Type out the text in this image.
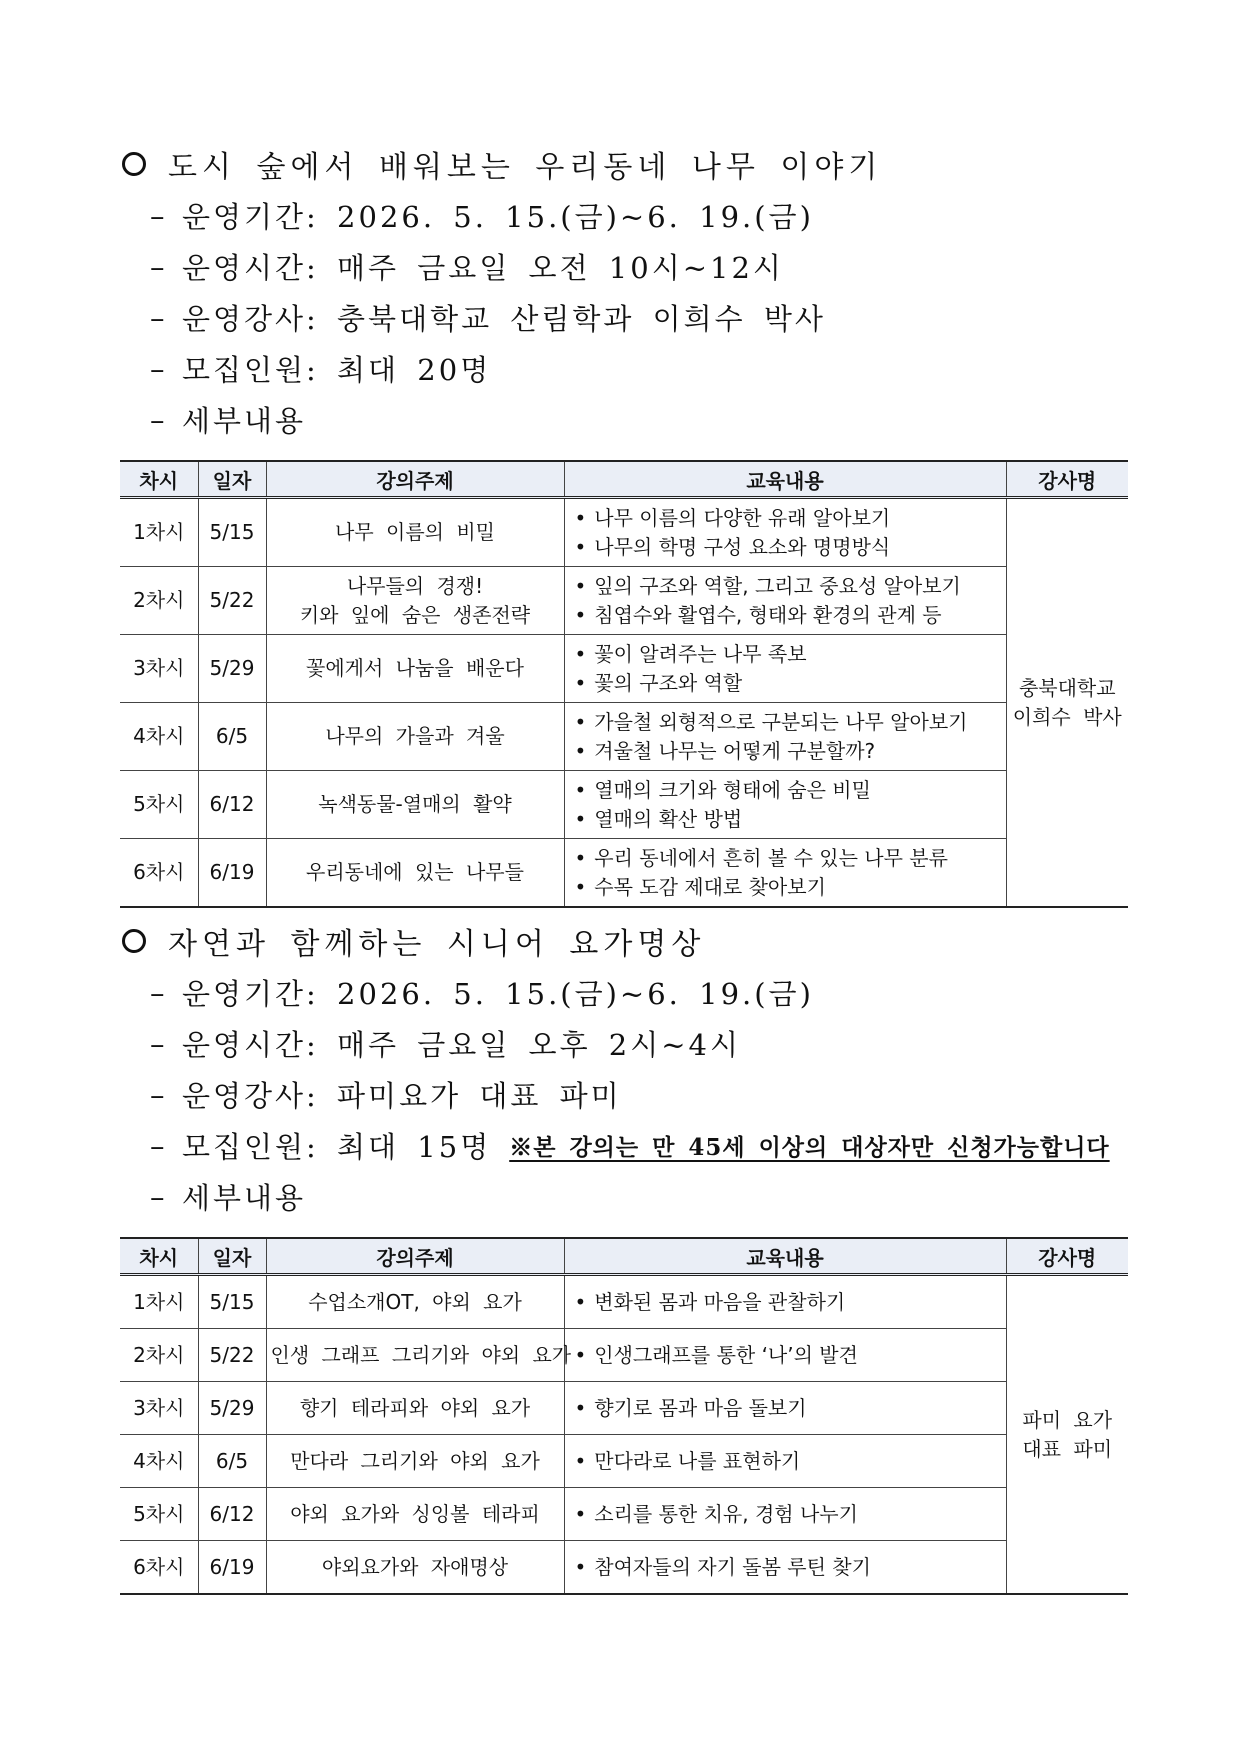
도시 숲에서 배워보는 우리동네 나무 이야기
– 운영기간: 2026. 5. 15.(금)~6. 19.(금)
– 운영시간: 매주 금요일 오전 10시~12시
– 운영강사: 충북대학교 산림학과 이희수 박사
– 모집인원: 최대 20명
– 세부내용
차시	일자	강의주제	교육내용	강사명
1차시	5/15	나무 이름의 비밀	• 나무 이름의 다양한 유래 알아보기
• 나무의 학명 구성 요소와 명명방식	충북대학교
이희수 박사

2차시	5/22	나무들의 경쟁!
키와 잎에 숨은 생존전략	• 잎의 구조와 역할, 그리고 중요성 알아보기
• 침엽수와 활엽수, 형태와 환경의 관계 등

3차시	5/29	꽃에게서 나눔을 배운다	• 꽃이 알려주는 나무 족보
• 꽃의 구조와 역할

4차시	6/5	나무의 가을과 겨울	• 가을철 외형적으로 구분되는 나무 알아보기
• 겨울철 나무는 어떻게 구분할까?

5차시	6/12	녹색동물-열매의 활약	• 열매의 크기와 형태에 숨은 비밀
• 열매의 확산 방법

6차시	6/19	우리동네에 있는 나무들	• 우리 동네에서 흔히 볼 수 있는 나무 분류
• 수목 도감 제대로 찾아보기
자연과 함께하는 시니어 요가명상
– 운영기간: 2026. 5. 15.(금)~6. 19.(금)
– 운영시간: 매주 금요일 오후 2시~4시
– 운영강사: 파미요가 대표 파미
– 모집인원: 최대 15명 ※본 강의는 만 45세 이상의 대상자만 신청가능합니다
– 세부내용
차시	일자	강의주제	교육내용	강사명
1차시	5/15	수업소개OT, 야외 요가	• 변화된 몸과 마음을 관찰하기	파미 요가
대표 파미

2차시	5/22	인생 그래프 그리기와 야외 요가	• 인생그래프를 통한 ‘나’의 발견

3차시	5/29	향기 테라피와 야외 요가	• 향기로 몸과 마음 돌보기

4차시	6/5	만다라 그리기와 야외 요가	• 만다라로 나를 표현하기

5차시	6/12	야외 요가와 싱잉볼 테라피	• 소리를 통한 치유, 경험 나누기

6차시	6/19	야외요가와 자애명상	• 참여자들의 자기 돌봄 루틴 찾기
